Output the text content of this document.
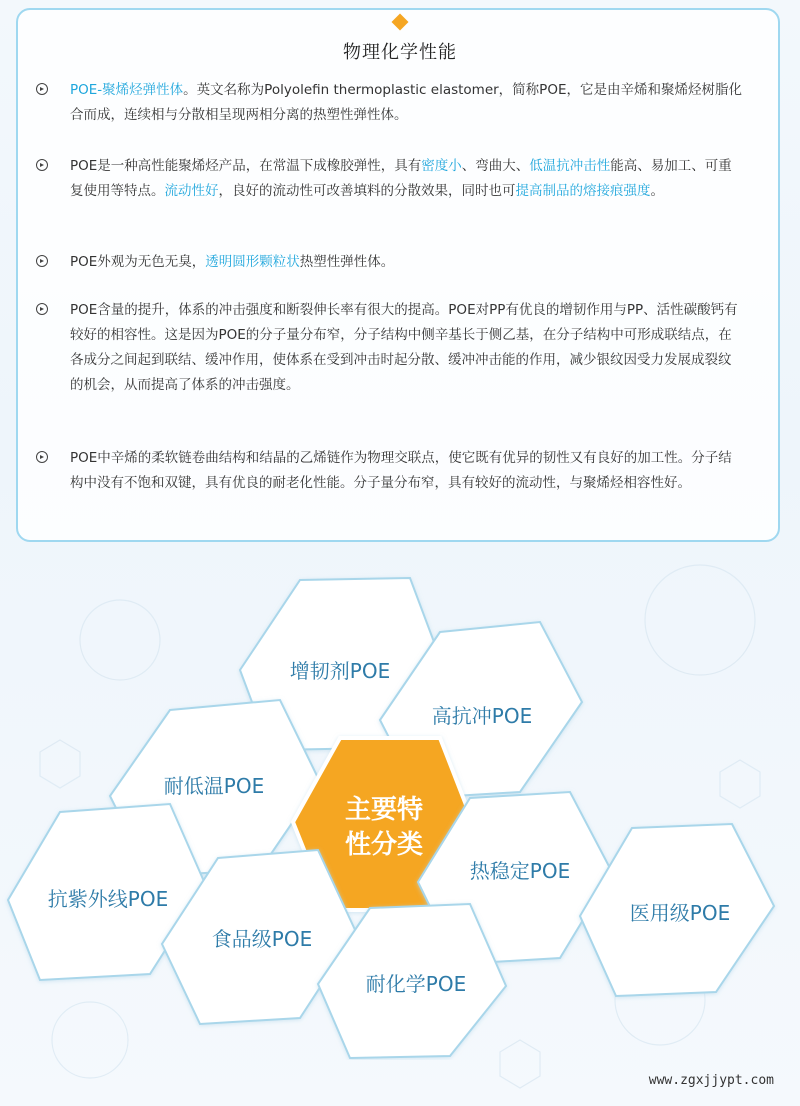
物理化学性能
POE-聚烯烃弹性体。英文名称为Polyolefin thermoplastic elastomer，简称POE，它是由辛烯和聚烯烃树脂化合而成，连续相与分散相呈现两相分离的热塑性弹性体。
POE是一种高性能聚烯烃产品，在常温下成橡胶弹性，具有密度小、弯曲大、低温抗冲击性能高、易加工、可重复使用等特点。流动性好，良好的流动性可改善填料的分散效果，同时也可提高制品的熔接痕强度。
POE外观为无色无臭，透明圆形颗粒状热塑性弹性体。
POE含量的提升，体系的冲击强度和断裂伸长率有很大的提高。POE对PP有优良的增韧作用与PP、活性碳酸钙有较好的相容性。这是因为POE的分子量分布窄，分子结构中侧辛基长于侧乙基，在分子结构中可形成联结点，在各成分之间起到联结、缓冲作用，使体系在受到冲击时起分散、缓冲冲击能的作用，减少银纹因受力发展成裂纹的机会，从而提高了体系的冲击强度。
POE中辛烯的柔软链卷曲结构和结晶的乙烯链作为物理交联点，使它既有优异的韧性又有良好的加工性。分子结构中没有不饱和双键，具有优良的耐老化性能。分子量分布窄，具有较好的流动性，与聚烯烃相容性好。
增韧剂POE
高抗冲POE
耐低温POE
主要特
性分类
热稳定POE
抗紫外线POE
食品级POE
耐化学POE
医用级POE
www.zgxjjypt.com
